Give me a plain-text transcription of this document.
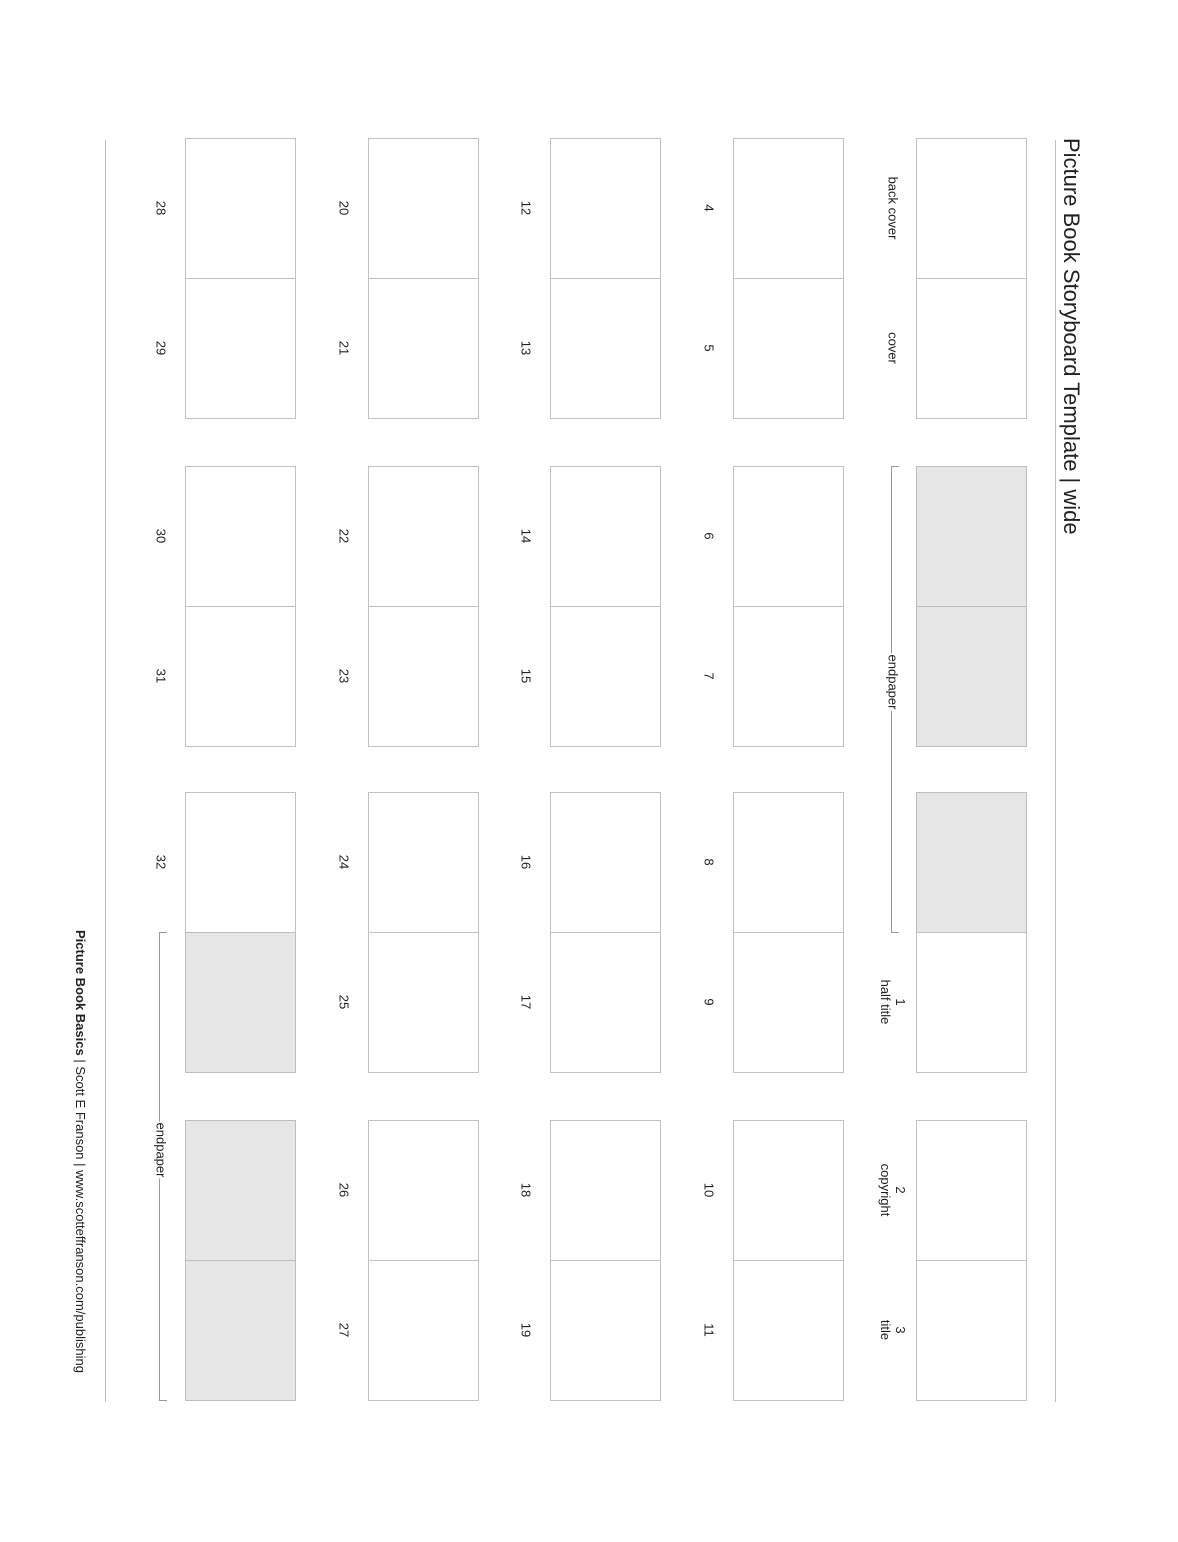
Picture Book Storyboard Template | wide
back cover
cover
1
half title
2
copyright
3
title
endpaper
4
5
6
7
8
9
10
11
12
13
14
15
16
17
18
19
20
21
22
23
24
25
26
27
28
29
30
31
32
endpaper
Picture Book Basics | Scott E Franson | www.scotteffranson.com/publishing
